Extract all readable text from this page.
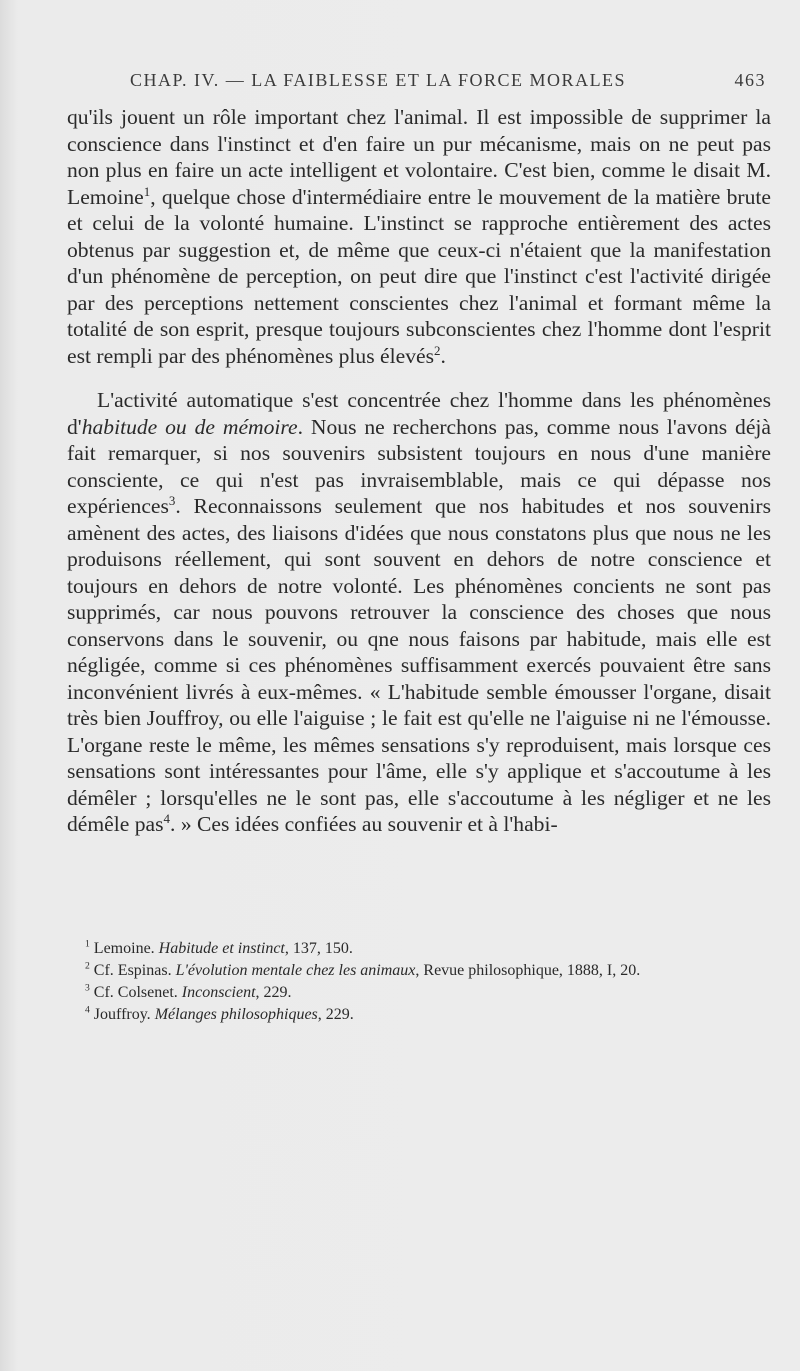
CHAP. IV. — LA FAIBLESSE ET LA FORCE MORALES	463

qu'ils jouent un rôle important chez l'animal. Il est impossible de supprimer la conscience dans l'instinct et d'en faire un pur mécanisme, mais on ne peut pas non plus en faire un acte intelligent et volontaire. C'est bien, comme le disait M. Lemoine$^1$, quelque chose d'intermédiaire entre le mouvement de la matière brute et celui de la volonté humaine. L'instinct se rapproche entièrement des actes obtenus par suggestion et, de même que ceux-ci n'étaient que la manifestation d'un phénomène de perception, on peut dire que l'instinct c'est l'activité dirigée par des perceptions nettement conscientes chez l'animal et formant même la totalité de son esprit, presque toujours subconscientes chez l'homme dont l'esprit est rempli par des phénomènes plus élevés$^2$.

L'activité automatique s'est concentrée chez l'homme dans les phénomènes d'habitude ou de mémoire. Nous ne recherchons pas, comme nous l'avons déjà fait remarquer, si nos souvenirs subsistent toujours en nous d'une manière consciente, ce qui n'est pas invraisemblable, mais ce qui dépasse nos expériences$^3$. Reconnaissons seulement que nos habitudes et nos souvenirs amènent des actes, des liaisons d'idées que nous constatons plus que nous ne les produisons réellement, qui sont souvent en dehors de notre conscience et toujours en dehors de notre volonté. Les phénomènes concients ne sont pas supprimés, car nous pouvons retrouver la conscience des choses que nous conservons dans le souvenir, ou qne nous faisons par habitude, mais elle est négligée, comme si ces phénomènes suffisamment exercés pouvaient être sans inconvénient livrés à eux-mêmes. « L'habitude semble émousser l'organe, disait très bien Jouffroy, ou elle l'aiguise ; le fait est qu'elle ne l'aiguise ni ne l'émousse. L'organe reste le même, les mêmes sensations s'y reproduisent, mais lorsque ces sensations sont intéressantes pour l'âme, elle s'y applique et s'accoutume à les démêler ; lorsqu'elles ne le sont pas, elle s'accoutume à les négliger et ne les démêle pas$^4$. » Ces idées confiées au souvenir et à l'habi-

$^1$ Lemoine. Habitude et instinct, 137, 150.

$^2$ Cf. Espinas. L'évolution mentale chez les animaux, Revue philosophique, 1888, I, 20.

$^3$ Cf. Colsenet. Inconscient, 229.

$^4$ Jouffroy. Mélanges philosophiques, 229.
